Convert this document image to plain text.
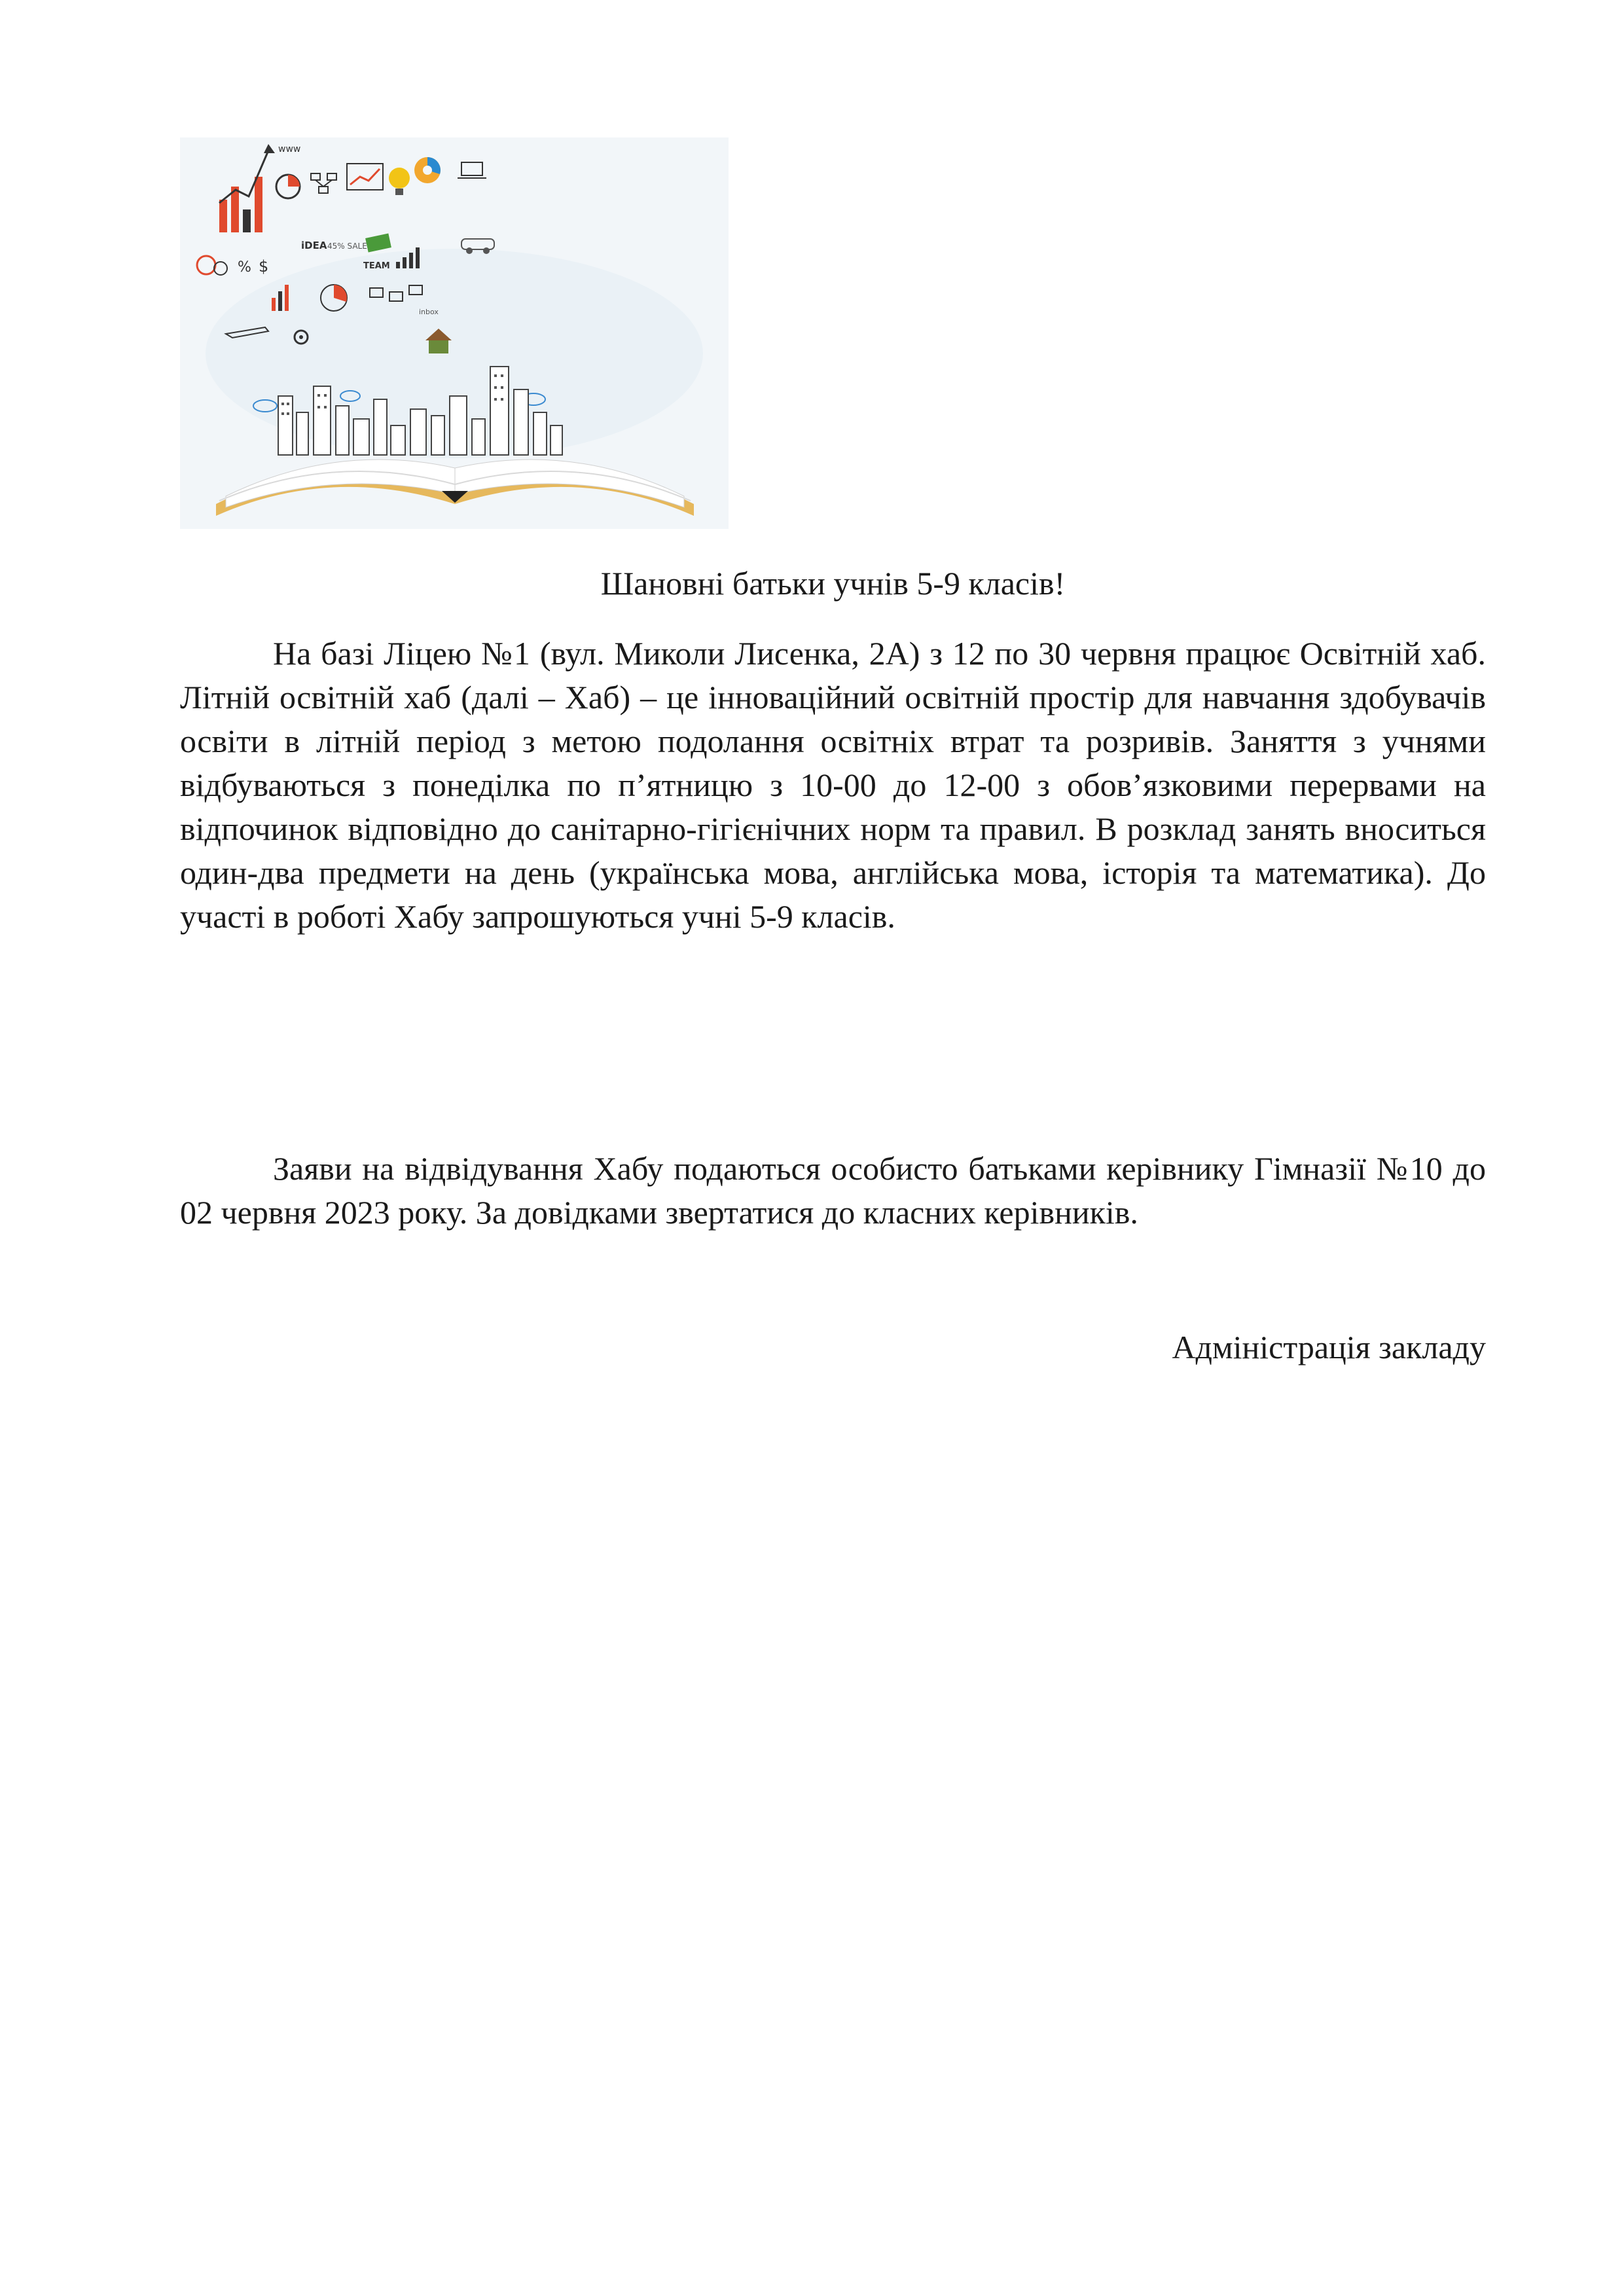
www
% $
iDEA 45% SALE
TEAM
inbox
Шановні батьки учнів 5-9 класів!

На базі Ліцею №1 (вул. Миколи Лисенка, 2А) з 12 по 30 червня працює Освітній хаб. Літній освітній хаб (далі – Хаб) – це інноваційний освітній простір для навчання здобувачів освіти в літній період з метою подолання освітніх втрат та розривів. Заняття з учнями відбуваються з понеділка по п’ятницю з 10-00 до 12-00 з обов’язковими перервами на відпочинок відповідно до санітарно-гігієнічних норм та правил. В розклад занять вноситься один-два предмети на день (українська мова, англійська мова, історія та математика). До участі в роботі Хабу запрошуються учні 5-9 класів.

Заяви на відвідування Хабу подаються особисто батьками керівнику Гімназії №10 до 02 червня 2023 року. За довідками звертатися до класних керівників.

Адміністрація закладу
